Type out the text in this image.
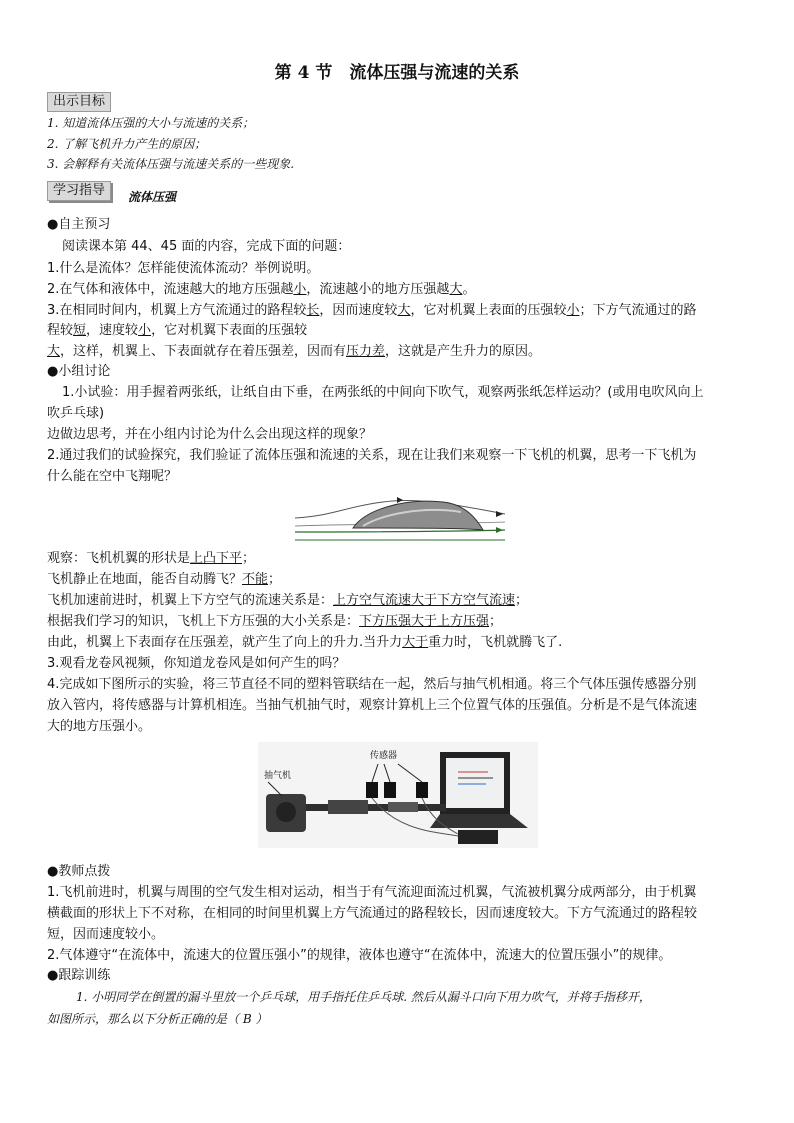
第 4 节　流体压强与流速的关系
出示目标
1. 知道流体压强的大小与流速的关系；
2. 了解飞机升力产生的原因；
3. 会解释有关流体压强与流速关系的一些现象.
学习指导	流体压强
●自主预习
阅读课本第 44、45 面的内容，完成下面的问题：
1.什么是流体？怎样能使流体流动？举例说明。
2.在气体和液体中，流速越大的地方压强越小，流速越小的地方压强越大。
3.在相同时间内，机翼上方气流通过的路程较长，因而速度较大，它对机翼上表面的压强较小；下方气流通过的路
程较短，速度较小，它对机翼下表面的压强较
大，这样，机翼上、下表面就存在着压强差，因而有压力差，这就是产生升力的原因。
●小组讨论
1.小试验：用手握着两张纸，让纸自由下垂，在两张纸的中间向下吹气，观察两张纸怎样运动？(或用电吹风向上
吹乒乓球)
边做边思考，并在小组内讨论为什么会出现这样的现象？
2.通过我们的试验探究，我们验证了流体压强和流速的关系，现在让我们来观察一下飞机的机翼，思考一下飞机为
什么能在空中飞翔呢？
观察：飞机机翼的形状是上凸下平；
飞机静止在地面，能否自动腾飞？不能；
飞机加速前进时，机翼上下方空气的流速关系是：上方空气流速大于下方空气流速；
根据我们学习的知识，飞机上下方压强的大小关系是：下方压强大于上方压强；
由此，机翼上下表面存在压强差，就产生了向上的升力.当升力大于重力时，飞机就腾飞了.
3.观看龙卷风视频，你知道龙卷风是如何产生的吗？
4.完成如下图所示的实验，将三节直径不同的塑料管联结在一起，然后与抽气机相通。将三个气体压强传感器分别
放入管内，将传感器与计算机相连。当抽气机抽气时，观察计算机上三个位置气体的压强值。分析是不是气体流速
大的地方压强小。
抽气机
传感器
●教师点拨
1.飞机前进时，机翼与周围的空气发生相对运动，相当于有气流迎面流过机翼，气流被机翼分成两部分，由于机翼
横截面的形状上下不对称，在相同的时间里机翼上方气流通过的路程较长，因而速度较大。下方气流通过的路程较
短，因而速度较小。
2.气体遵守“在流体中，流速大的位置压强小”的规律，液体也遵守“在流体中，流速大的位置压强小”的规律。
●跟踪训练
1. 小明同学在倒置的漏斗里放一个乒乓球，用手指托住乒乓球. 然后从漏斗口向下用力吹气，并将手指移开，
如图所示，那么以下分析正确的是（ B ）
